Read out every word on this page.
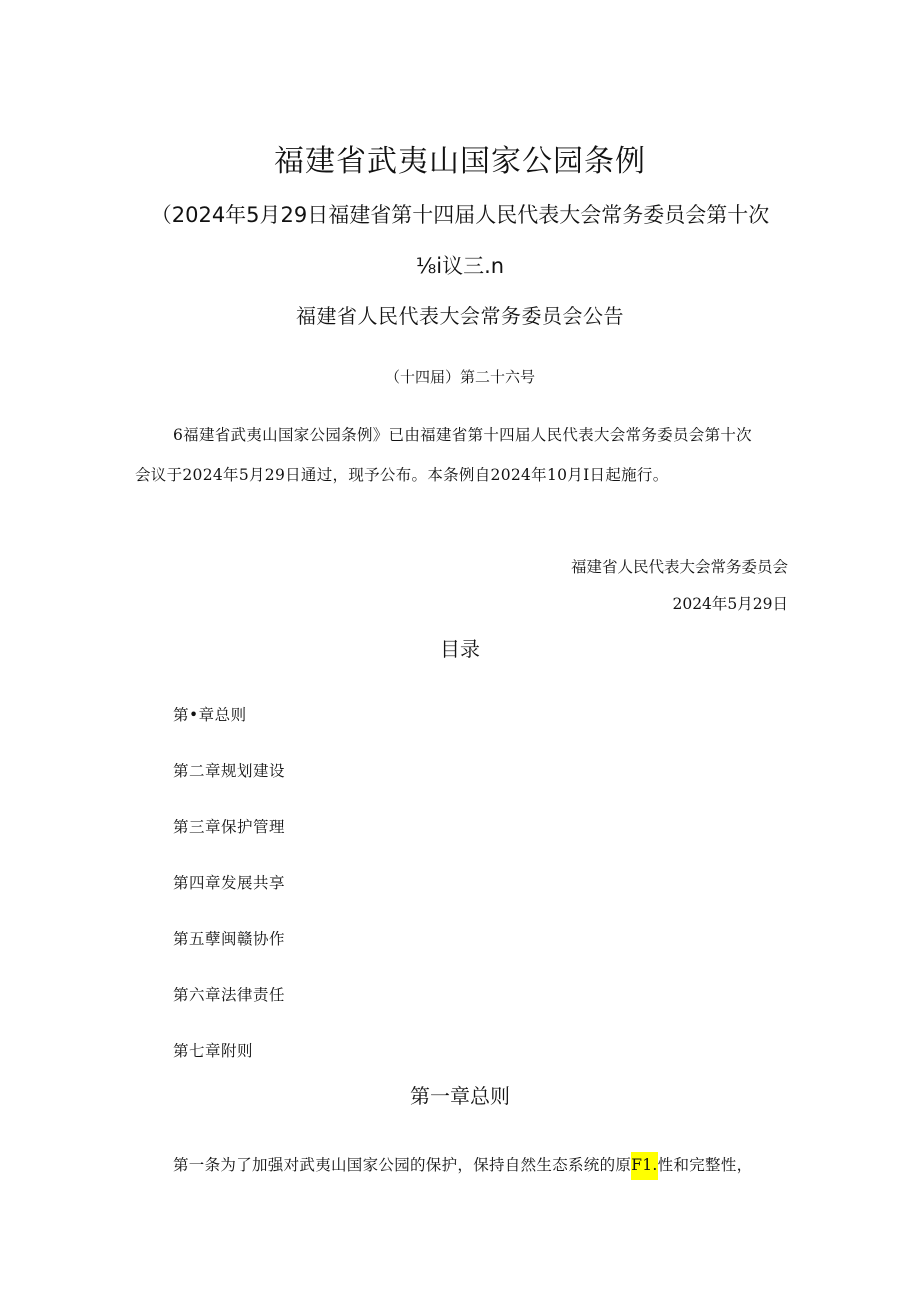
福建省武夷山国家公园条例
（2024年5月29日福建省第十四届人民代表大会常务委员会第十次
⅛i议三.n
福建省人民代表大会常务委员会公告
（十四届）第二十六号
6福建省武夷山国家公园条例》已由福建省第十四届人民代表大会常务委员会第十次
会议于2024年5月29日通过，现予公布。本条例自2024年10月I日起施行。
福建省人民代表大会常务委员会
2024年5月29日
目录
第•章总则
第二章规划建设
第三章保护管理
第四章发展共享
第五孽闽赣协作
第六章法律责任
第七章附则
第一章总则
第一条为了加强对武夷山国家公园的保护，保持自然生态系统的原F1.性和完整性，
